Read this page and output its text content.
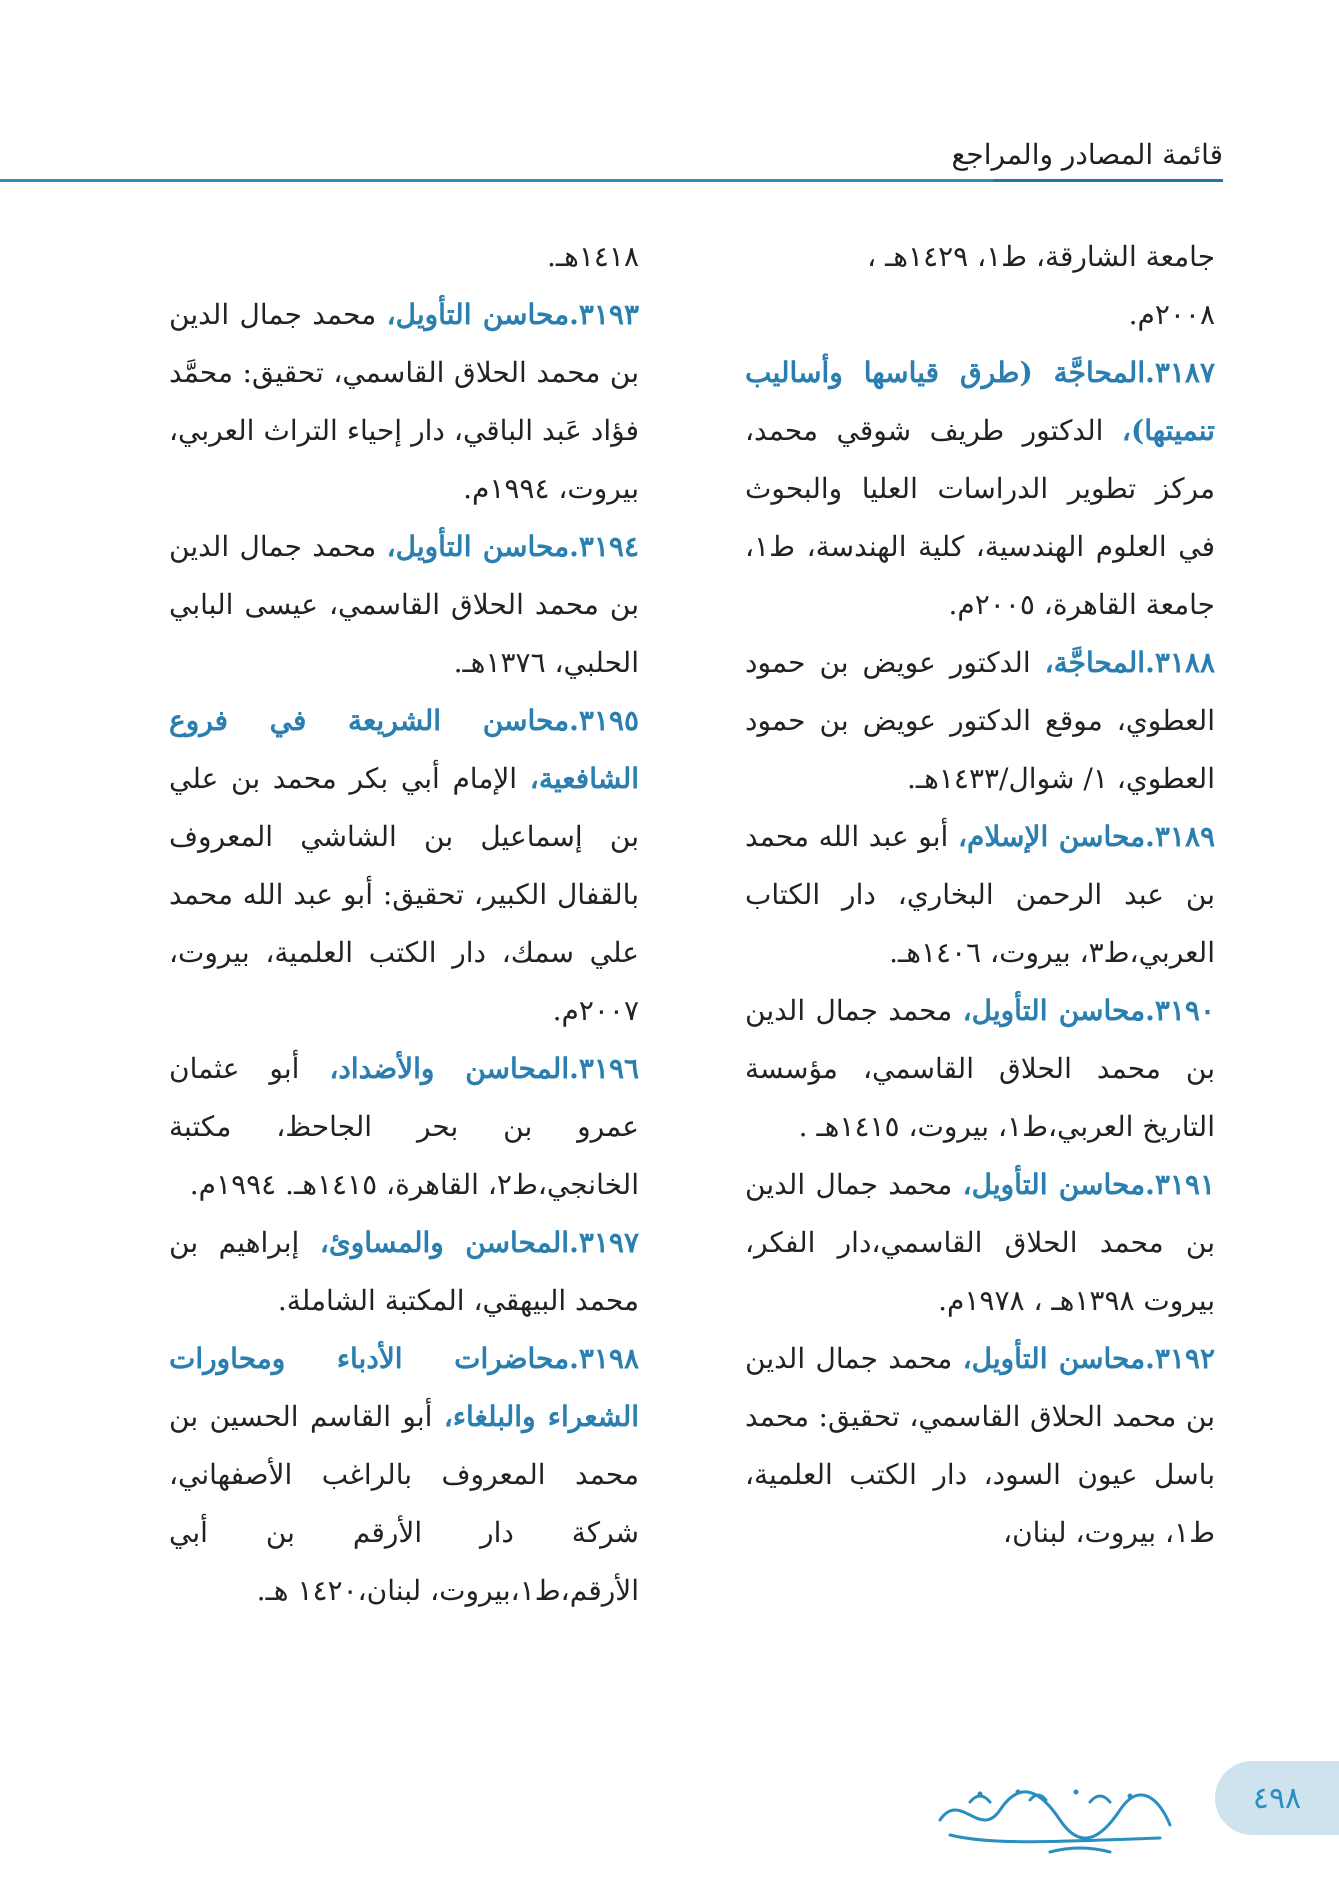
قائمة المصادر والمراجع

جامعة الشارقة، ط١، ١٤٢٩هـ ،
٢٠٠٨م.

٣١٨٧.المحاجَّة (طرق قياسها وأساليب تنميتها)، الدكتور طريف شوقي محمد، مركز تطوير الدراسات العليا والبحوث في العلوم الهندسية، كلية الهندسة، ط١، جامعة القاهرة، ٢٠٠٥م.

٣١٨٨.المحاجَّة، الدكتور عويض بن حمود العطوي، موقع الدكتور عويض بن حمود العطوي، ١/ شوال/١٤٣٣هـ.

٣١٨٩.محاسن الإسلام، أبو عبد الله محمد بن عبد الرحمن البخاري، دار الكتاب العربي،ط٣، بيروت، ١٤٠٦هـ.

٣١٩٠.محاسن التأويل، محمد جمال الدين بن محمد الحلاق القاسمي، مؤسسة التاريخ العربي،ط١، بيروت، ١٤١٥هـ .

٣١٩١.محاسن التأويل، محمد جمال الدين بن محمد الحلاق القاسمي،دار الفكر، بيروت ١٣٩٨هـ ، ١٩٧٨م.

٣١٩٢.محاسن التأويل، محمد جمال الدين بن محمد الحلاق القاسمي، تحقيق: محمد باسل عيون السود، دار الكتب العلمية، ط١، بيروت، لبنان،

١٤١٨هـ.

٣١٩٣.محاسن التأويل، محمد جمال الدين بن محمد الحلاق القاسمي، تحقيق: محمَّد فؤاد عَبد الباقي، دار إحياء التراث العربي، بيروت، ١٩٩٤م.

٣١٩٤.محاسن التأويل، محمد جمال الدين بن محمد الحلاق القاسمي، عيسى البابي الحلبي، ١٣٧٦هـ.

٣١٩٥.محاسن الشريعة في فروع الشافعية، الإمام أبي بكر محمد بن علي بن إسماعيل بن الشاشي المعروف بالقفال الكبير، تحقيق: أبو عبد الله محمد علي سمك، دار الكتب العلمية، بيروت، ٢٠٠٧م.

٣١٩٦.المحاسن والأضداد، أبو عثمان عمرو بن بحر الجاحظ، مكتبة الخانجي،ط٢، القاهرة، ١٤١٥هـ. ١٩٩٤م.

٣١٩٧.المحاسن والمساوئ، إبراهيم بن محمد البيهقي، المكتبة الشاملة.

٣١٩٨.محاضرات الأدباء ومحاورات الشعراء والبلغاء، أبو القاسم الحسين بن محمد المعروف بالراغب الأصفهاني، شركة دار الأرقم بن أبي الأرقم،ط١،بيروت، لبنان،١٤٢٠ هـ.

٤٩٨
